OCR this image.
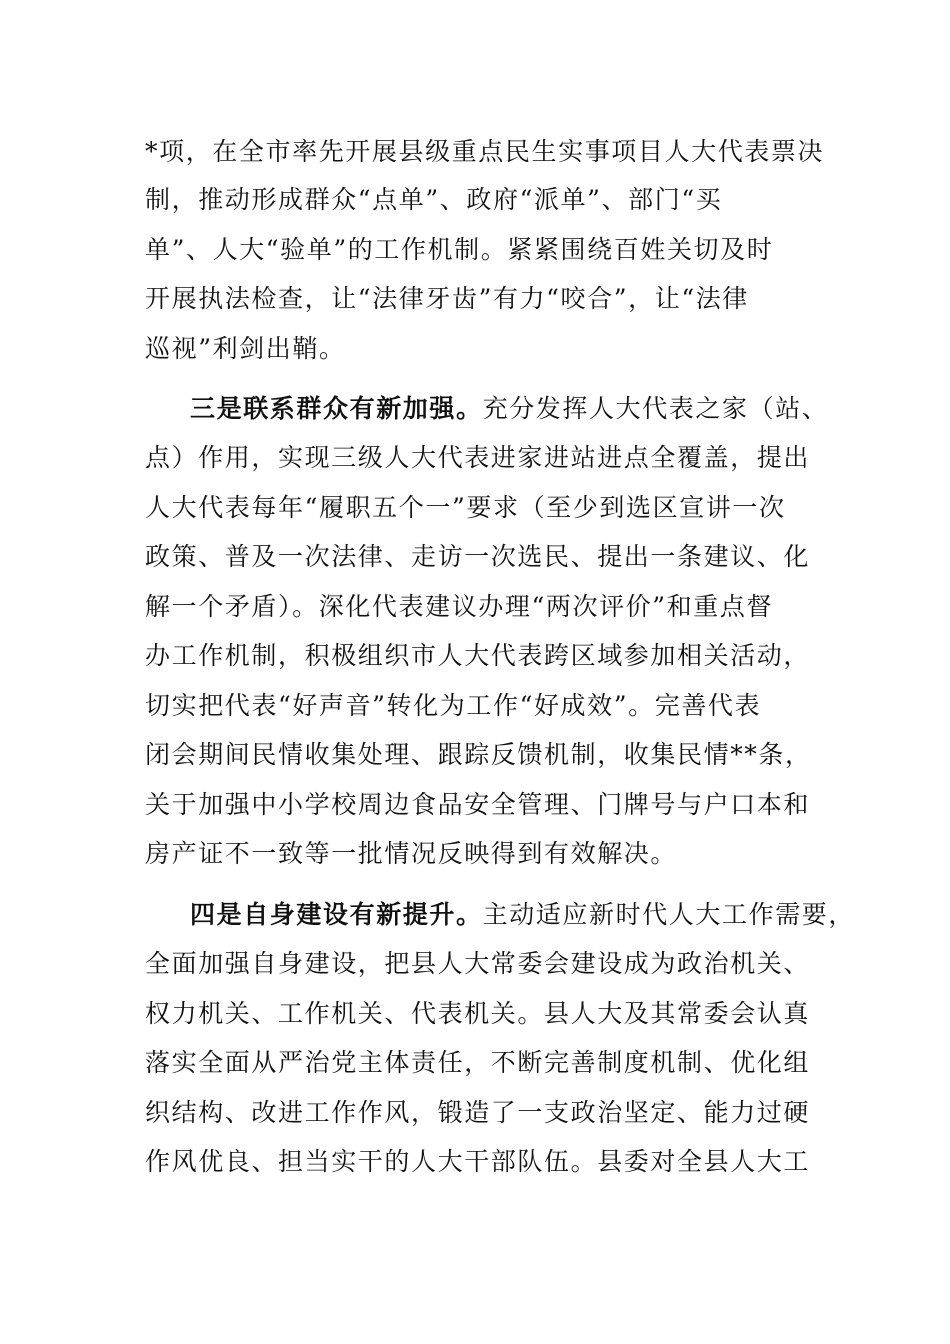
*项，在全市率先开展县级重点民生实事项目人大代表票决
制，推动形成群众“点单”、政府“派单”、部门“买
单”、人大“验单”的工作机制。紧紧围绕百姓关切及时
开展执法检查，让“法律牙齿”有力“咬合”，让“法律
巡视”利剑出鞘。
三是联系群众有新加强。充分发挥人大代表之家（站、
点）作用，实现三级人大代表进家进站进点全覆盖，提出
人大代表每年“履职五个一”要求（至少到选区宣讲一次
政策、普及一次法律、走访一次选民、提出一条建议、化
解一个矛盾）。深化代表建议办理“两次评价”和重点督
办工作机制，积极组织市人大代表跨区域参加相关活动，
切实把代表“好声音”转化为工作“好成效”。完善代表
闭会期间民情收集处理、跟踪反馈机制，收集民情**条，
关于加强中小学校周边食品安全管理、门牌号与户口本和
房产证不一致等一批情况反映得到有效解决。
四是自身建设有新提升。主动适应新时代人大工作需要，
全面加强自身建设，把县人大常委会建设成为政治机关、
权力机关、工作机关、代表机关。县人大及其常委会认真
落实全面从严治党主体责任，不断完善制度机制、优化组
织结构、改进工作作风，锻造了一支政治坚定、能力过硬
作风优良、担当实干的人大干部队伍。县委对全县人大工
